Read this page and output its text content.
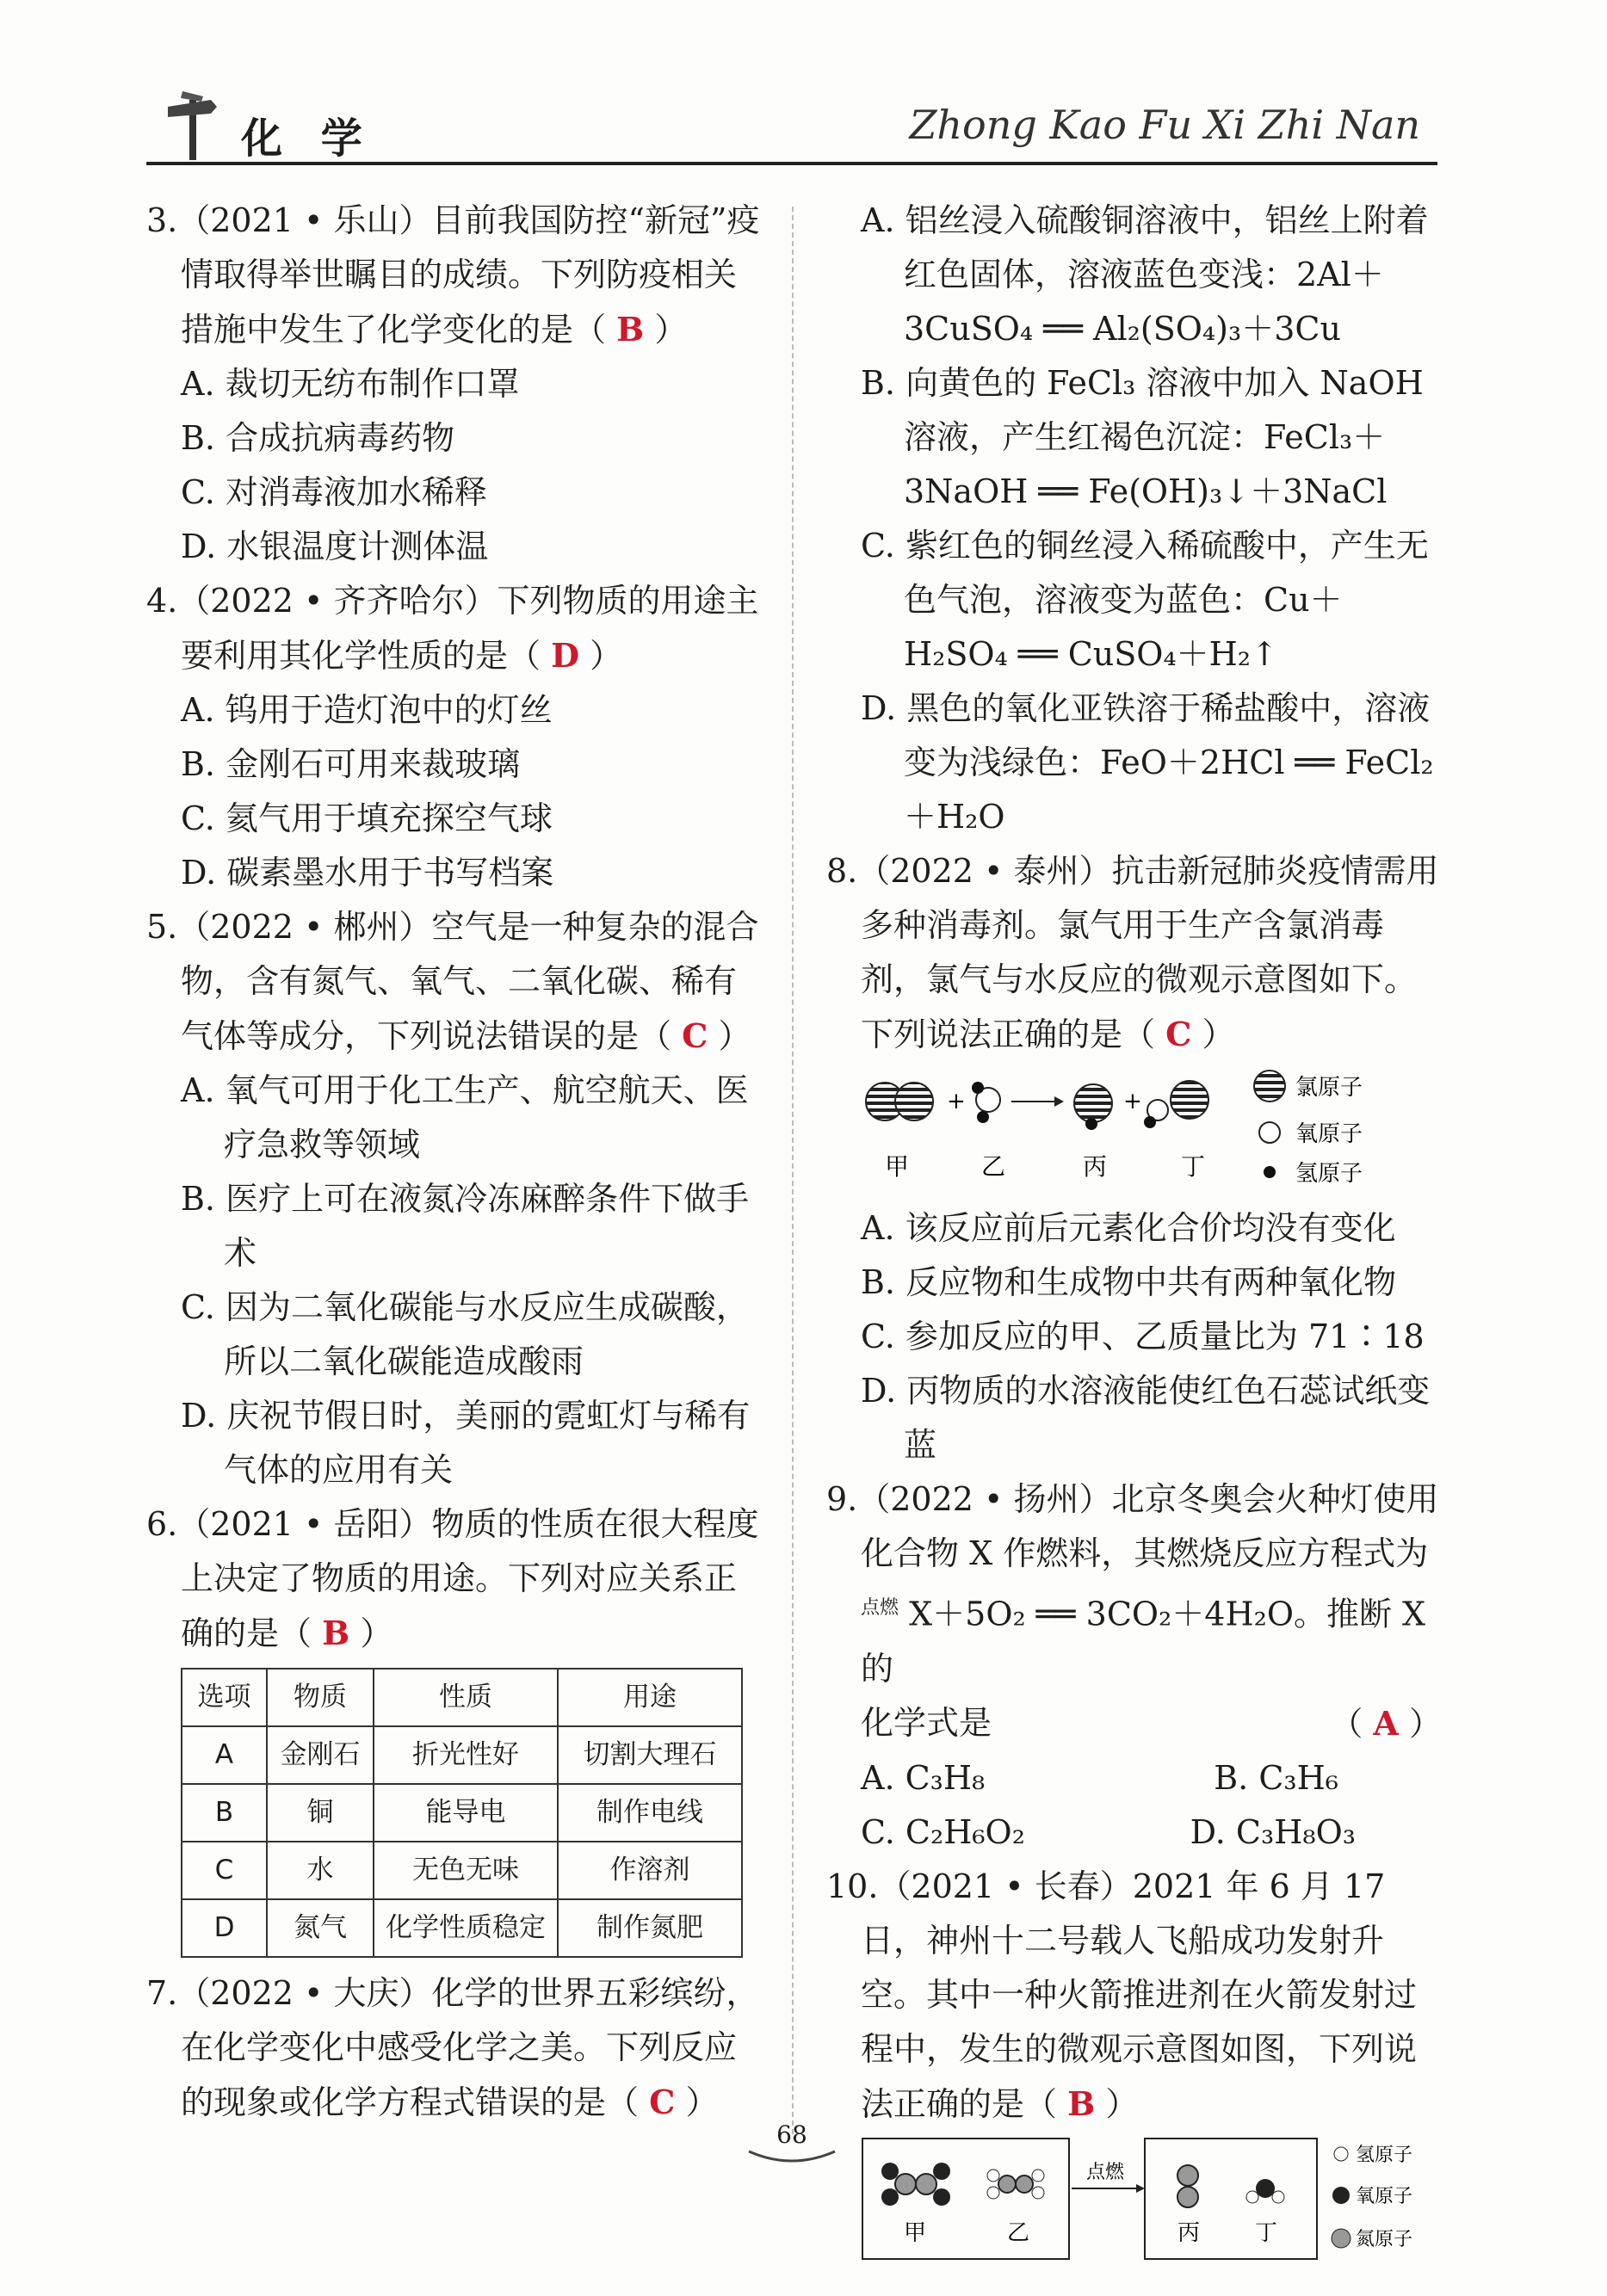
化 学	Zhong Kao Fu Xi Zhi Nan
3.（2021 • 乐山）目前我国防控“新冠”疫情取得举世瞩目的成绩。下列防疫相关措施中发生了化学变化的是（ B ）
A. 裁切无纺布制作口罩
B. 合成抗病毒药物
C. 对消毒液加水稀释
D. 水银温度计测体温
4.（2022 • 齐齐哈尔）下列物质的用途主要利用其化学性质的是（ D ）
A. 钨用于造灯泡中的灯丝
B. 金刚石可用来裁玻璃
C. 氦气用于填充探空气球
D. 碳素墨水用于书写档案
5.（2022 • 郴州）空气是一种复杂的混合物，含有氮气、氧气、二氧化碳、稀有气体等成分，下列说法错误的是（ C ）
A. 氧气可用于化工生产、航空航天、医疗急救等领域
B. 医疗上可在液氮冷冻麻醉条件下做手术
C. 因为二氧化碳能与水反应生成碳酸，所以二氧化碳能造成酸雨
D. 庆祝节假日时，美丽的霓虹灯与稀有气体的应用有关
6.（2021 • 岳阳）物质的性质在很大程度上决定了物质的用途。下列对应关系正确的是（ B ）
选项	物质	性质	用途
A	金刚石	折光性好	切割大理石
B	铜	能导电	制作电线
C	水	无色无味	作溶剂
D	氮气	化学性质稳定	制作氮肥
7.（2022 • 大庆）化学的世界五彩缤纷，在化学变化中感受化学之美。下列反应的现象或化学方程式错误的是（ C ）
A. 铝丝浸入硫酸铜溶液中，铝丝上附着红色固体，溶液蓝色变浅：2Al＋3CuSO₄ ══ Al₂(SO₄)₃＋3Cu
B. 向黄色的 FeCl₃ 溶液中加入 NaOH 溶液，产生红褐色沉淀：FeCl₃＋3NaOH ══ Fe(OH)₃↓＋3NaCl
C. 紫红色的铜丝浸入稀硫酸中，产生无色气泡，溶液变为蓝色：Cu＋H₂SO₄ ══ CuSO₄＋H₂↑
D. 黑色的氧化亚铁溶于稀盐酸中，溶液变为浅绿色：FeO＋2HCl ══ FeCl₂＋H₂O
8.（2022 • 泰州）抗击新冠肺炎疫情需用多种消毒剂。氯气用于生产含氯消毒剂，氯气与水反应的微观示意图如下。下列说法正确的是（ C ）
+	+
甲	乙	丙	丁
氯原子
氧原子
氢原子
A. 该反应前后元素化合价均没有变化
B. 反应物和生成物中共有两种氧化物
C. 参加反应的甲、乙质量比为 71∶18
D. 丙物质的水溶液能使红色石蕊试纸变蓝
9.（2022 • 扬州）北京冬奥会火种灯使用化合物 X 作燃料，其燃烧反应方程式为
$^{点燃}$ X＋5O₂ ══ 3CO₂＋4H₂O。推断 X 的
化学式是	（ A ）
A. C₃H₈	B. C₃H₆
C. C₂H₆O₂	D. C₃H₈O₃
10.（2021 • 长春）2021 年 6 月 17 日，神州十二号载人飞船成功发射升空。其中一种火箭推进剂在火箭发射过程中，发生的微观示意图如图，下列说法正确的是（ B ）
甲	乙
点燃
丙 丁
氢原子
氧原子
氮原子
68
